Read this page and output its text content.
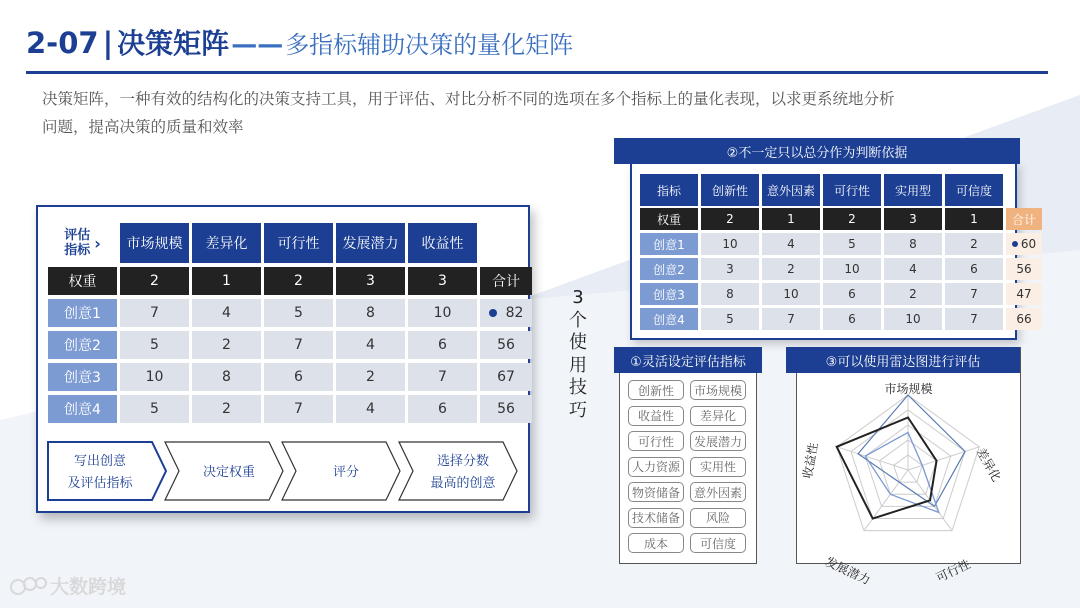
2-07 | 决策矩阵 —— 多指标辅助决策的量化矩阵
决策矩阵，一种有效的结构化的决策支持工具，用于评估、对比分析不同的选项在多个指标上的量化表现，以求更系统地分析
问题，提高决策的质量和效率
评估
指标 ›	市场规模	差异化	可行性	发展潜力	收益性
权重	2	1	2	3	3	合计
创意1	7	4	5	8	10	82
创意2	5	2	7	4	6	56
创意3	10	8	6	2	7	67
创意4	5	2	7	4	6	56
写出创意
及评估指标
决定权重	评分
选择分数
最高的创意
3
个
使
用
技
巧
指标	创新性	意外因素	可行性	实用型	可信度
权重	2	1	2	3	1	合计
创意1	10	4	5	8	2	60
创意2	3	2	10	4	6	56
创意3	8	10	6	2	7	47
创意4	5	7	6	10	7	66
②不一定只以总分作为判断依据
创新性	市场规模
收益性	差异化
可行性	发展潜力
人力资源	实用性
物资储备	意外因素
技术储备	风险
成本	可信度
①灵活设定评估指标
市场规模
差异化
可行性
发展潜力
收益性
③可以使用雷达图进行评估
大数跨境
